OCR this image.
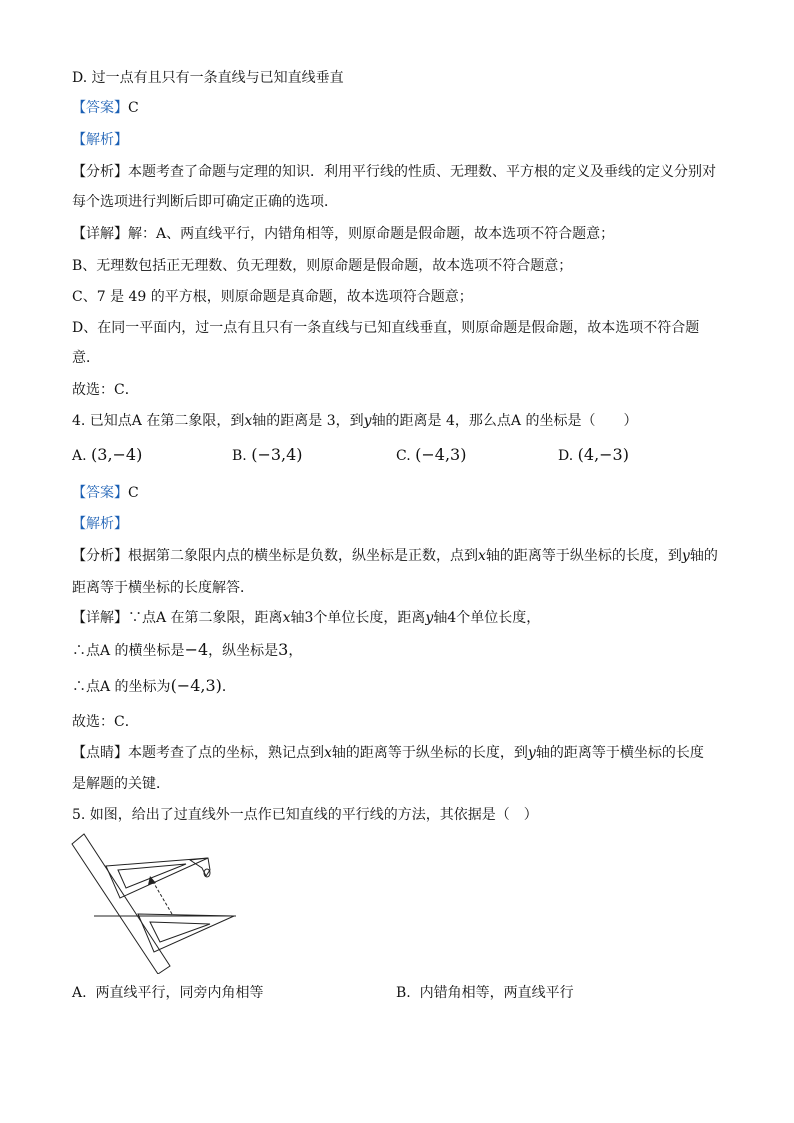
D. 过一点有且只有一条直线与已知直线垂直
【答案】C
【解析】
【分析】本题考查了命题与定理的知识．利用平行线的性质、无理数、平方根的定义及垂线的定义分别对
每个选项进行判断后即可确定正确的选项．
【详解】解：A、两直线平行，内错角相等，则原命题是假命题，故本选项不符合题意；
B、无理数包括正无理数、负无理数，则原命题是假命题，故本选项不符合题意；
C、7 是 49 的平方根，则原命题是真命题，故本选项符合题意；
D、在同一平面内，过一点有且只有一条直线与已知直线垂直，则原命题是假命题，故本选项不符合题
意．
故选：C．
4. 已知点A 在第二象限，到x轴的距离是 3，到y轴的距离是 4，那么点A 的坐标是（　　）
A. (3,−4)	B. (−3,4)	C. (−4,3)	D. (4,−3)
【答案】C
【解析】
【分析】根据第二象限内点的横坐标是负数，纵坐标是正数，点到x轴的距离等于纵坐标的长度，到y轴的
距离等于横坐标的长度解答．
【详解】∵点A 在第二象限，距离x轴3个单位长度，距离y轴4个单位长度，
∴点A 的横坐标是−4，纵坐标是3，
∴点A 的坐标为(−4,3)．
故选：C．
【点睛】本题考查了点的坐标，熟记点到x轴的距离等于纵坐标的长度，到y轴的距离等于横坐标的长度
是解题的关键．
5. 如图，给出了过直线外一点作已知直线的平行线的方法，其依据是（　）
A. 两直线平行，同旁内角相等	B. 内错角相等，两直线平行
